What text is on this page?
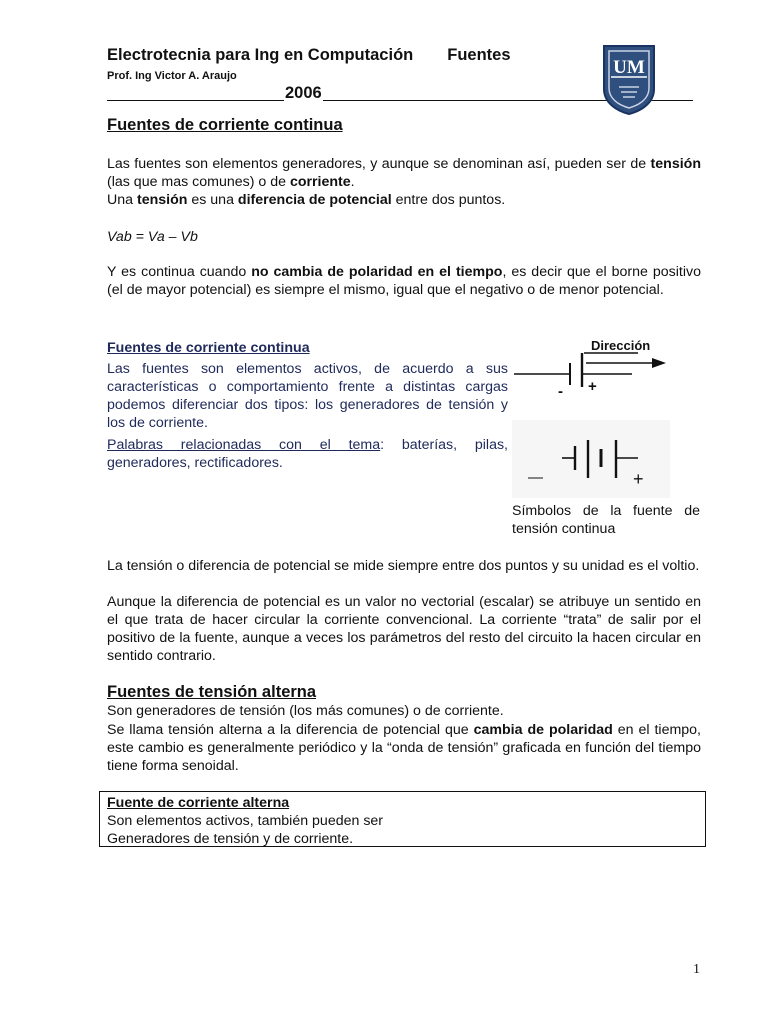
Electrotecnia para Ing en Computación Fuentes
Prof. Ing Victor A. Araujo
2006
UM
Fuentes de corriente continua

Las fuentes son elementos generadores, y aunque se denominan así, pueden ser de tensión (las que mas comunes) o de corriente.

Una tensión es una diferencia de potencial entre dos puntos.

Vab = Va – Vb

Y es continua cuando no cambia de polaridad en el tiempo, es decir que el borne positivo (el de mayor potencial) es siempre el mismo, igual que el negativo o de menor potencial.

Fuentes de corriente continua

Las fuentes son elementos activos, de acuerdo a sus características o comportamiento frente a distintas cargas podemos diferenciar dos tipos: los generadores de tensión y los de corriente.

Palabras relacionadas con el tema: baterías, pilas, generadores, rectificadores.

Dirección
- +
—	+

Símbolos de la fuente de tensión continua

La tensión o diferencia de potencial se mide siempre entre dos puntos y su unidad es el voltio.

Aunque la diferencia de potencial es un valor no vectorial (escalar) se atribuye un sentido en el que trata de hacer circular la corriente convencional. La corriente “trata” de salir por el positivo de la fuente, aunque a veces los parámetros del resto del circuito la hacen circular en sentido contrario.

Fuentes de tensión alterna

Son generadores de tensión (los más comunes) o de corriente.

Se llama tensión alterna a la diferencia de potencial que cambia de polaridad en el tiempo, este cambio es generalmente periódico y la “onda de tensión” graficada en función del tiempo tiene forma senoidal.

Fuente de corriente alterna
Son elementos activos, también pueden ser
Generadores de tensión y de corriente.
1
